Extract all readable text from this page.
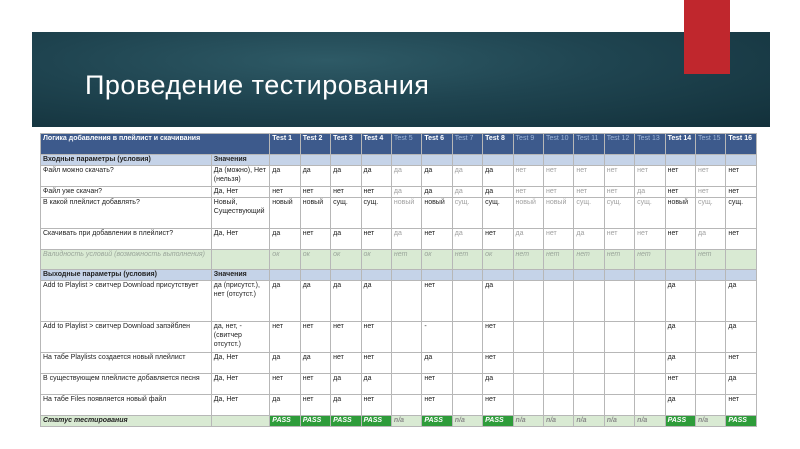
Проведение тестирования
Логика добавления в плейлист и скачивания		Test 1	Test 2	Test 3	Test 4	Test 5	Test 6	Test 7	Test 8	Test 9	Test 10	Test 11	Test 12	Test 13	Test 14	Test 15	Test 16
Входные параметры (условия)	Значения																
Файл можно скачать?	Да (можно), Нет (нельзя)	да	да	да	да	да	да	да	да	нет	нет	нет	нет	нет	нет	нет	нет
Файл уже скачан?	Да, Нет	нет	нет	нет	нет	да	да	да	да	нет	нет	нет	нет	да	нет	нет	нет
В какой плейлист добавлять?	Новый, Существующий	новый	новый	сущ.	сущ.	новый	новый	сущ.	сущ.	новый	новый	сущ.	сущ.	сущ.	новый	сущ.	сущ.
Скачивать при добавлении в плейлист?	Да, Нет	да	нет	да	нет	да	нет	да	нет	да	нет	да	нет	нет	нет	да	нет
Валидность условий (возможность выполнения)		ок	ок	ок	ок	нет	ок	нет	ок	нет	нет	нет	нет	нет		нет	
Выходные параметры (условия)	Значения																
Add to Playlist > свитчер Download присутствует	да (присутст.), нет (отсутст.)	да	да	да	да		нет		да						да		да
Add to Playlist > свитчер Download запэйблен	да, нет, - (свитчер отсутст.)	нет	нет	нет	нет		-		нет						да		да
На табе Playlists создается новый плейлист	Да, Нет	да	да	нет	нет		да		нет						да		нет
В существующем плейлисте добавляется песня	Да, Нет	нет	нет	да	да		нет		да						нет		да
На табе Files появляется новый файл	Да, Нет	да	нет	да	нет		нет		нет						да		нет
Статус тестирования		PASS	PASS	PASS	PASS	n/a	PASS	n/a	PASS	n/a	n/a	n/a	n/a	n/a	PASS	n/a	PASS
